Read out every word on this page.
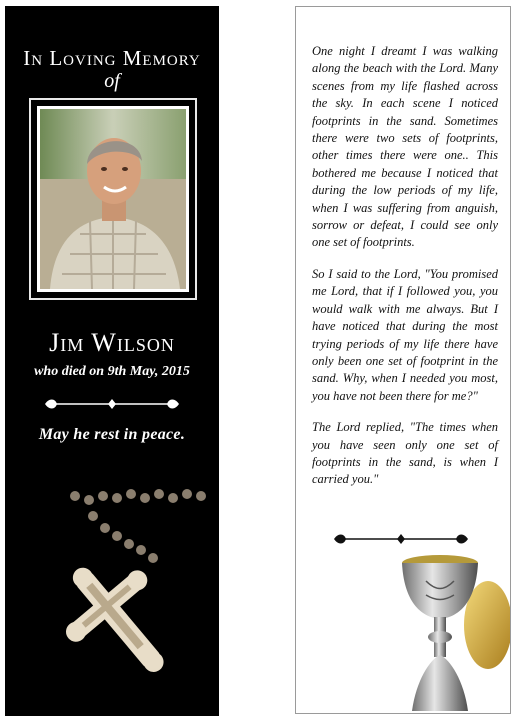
In Loving Memory
of
Jim Wilson
who died on 9th May, 2015
May he rest in peace.

One night I dreamt I was walking along the beach with the Lord. Many scenes from my life flashed across the sky. In each scene I noticed footprints in the sand. Sometimes there were two sets of footprints, other times there were one.. This bothered me because I noticed that during the low periods of my life, when I was suffering from anguish, sorrow or defeat, I could see only one set of footprints.

So I said to the Lord, "You promised me Lord, that if I followed you, you would walk with me always. But I have noticed that during the most trying periods of my life there have only been one set of footprint in the sand. Why, when I needed you most, you have not been there for me?"

The Lord replied, "The times when you have seen only one set of footprints in the sand, is when I carried you."
